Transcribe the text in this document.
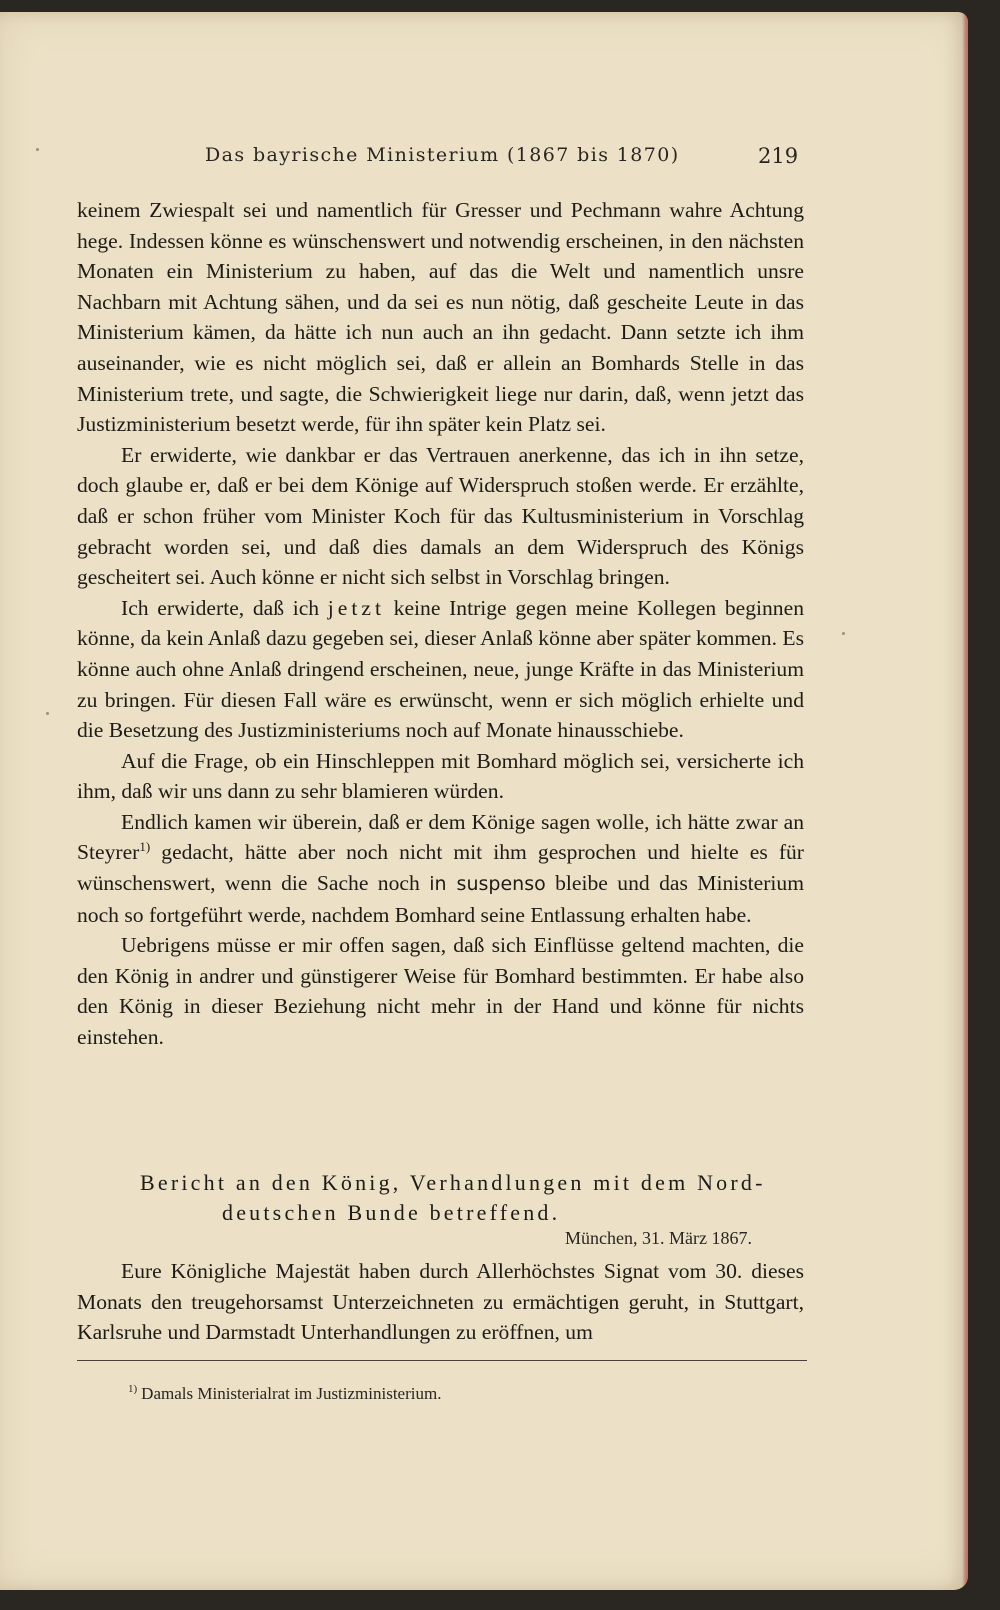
Das bayrische Ministerium (1867 bis 1870)	219

keinem Zwiespalt sei und namentlich für Gresser und Pechmann wahre Achtung hege. Indessen könne es wünschenswert und notwendig erscheinen, in den nächsten Monaten ein Ministerium zu haben, auf das die Welt und namentlich unsre Nachbarn mit Achtung sähen, und da sei es nun nötig, daß gescheite Leute in das Ministerium kämen, da hätte ich nun auch an ihn gedacht. Dann setzte ich ihm auseinander, wie es nicht möglich sei, daß er allein an Bomhards Stelle in das Ministerium trete, und sagte, die Schwierigkeit liege nur darin, daß, wenn jetzt das Justizministerium besetzt werde, für ihn später kein Platz sei.

Er erwiderte, wie dankbar er das Vertrauen anerkenne, das ich in ihn setze, doch glaube er, daß er bei dem Könige auf Widerspruch stoßen werde. Er erzählte, daß er schon früher vom Minister Koch für das Kultusministerium in Vorschlag gebracht worden sei, und daß dies damals an dem Widerspruch des Königs gescheitert sei. Auch könne er nicht sich selbst in Vorschlag bringen.

Ich erwiderte, daß ich jetzt keine Intrige gegen meine Kollegen beginnen könne, da kein Anlaß dazu gegeben sei, dieser Anlaß könne aber später kommen. Es könne auch ohne Anlaß dringend erscheinen, neue, junge Kräfte in das Ministerium zu bringen. Für diesen Fall wäre es erwünscht, wenn er sich möglich erhielte und die Besetzung des Justizministeriums noch auf Monate hinausschiebe.

Auf die Frage, ob ein Hinschleppen mit Bomhard möglich sei, versicherte ich ihm, daß wir uns dann zu sehr blamieren würden.

Endlich kamen wir überein, daß er dem Könige sagen wolle, ich hätte zwar an Steyrer$^{1)}$ gedacht, hätte aber noch nicht mit ihm gesprochen und hielte es für wünschenswert, wenn die Sache noch in suspenso bleibe und das Ministerium noch so fortgeführt werde, nachdem Bomhard seine Entlassung erhalten habe.

Uebrigens müsse er mir offen sagen, daß sich Einflüsse geltend machten, die den König in andrer und günstigerer Weise für Bomhard bestimmten. Er habe also den König in dieser Beziehung nicht mehr in der Hand und könne für nichts einstehen.

Bericht an den König, Verhandlungen mit dem Nord-
deutschen Bunde betreffend.
München, 31. März 1867.

Eure Königliche Majestät haben durch Allerhöchstes Signat vom 30. dieses Monats den treugehorsamst Unterzeichneten zu ermächtigen geruht, in Stuttgart, Karlsruhe und Darmstadt Unterhandlungen zu eröffnen, um

$^{1)}$ Damals Ministerialrat im Justizministerium.
